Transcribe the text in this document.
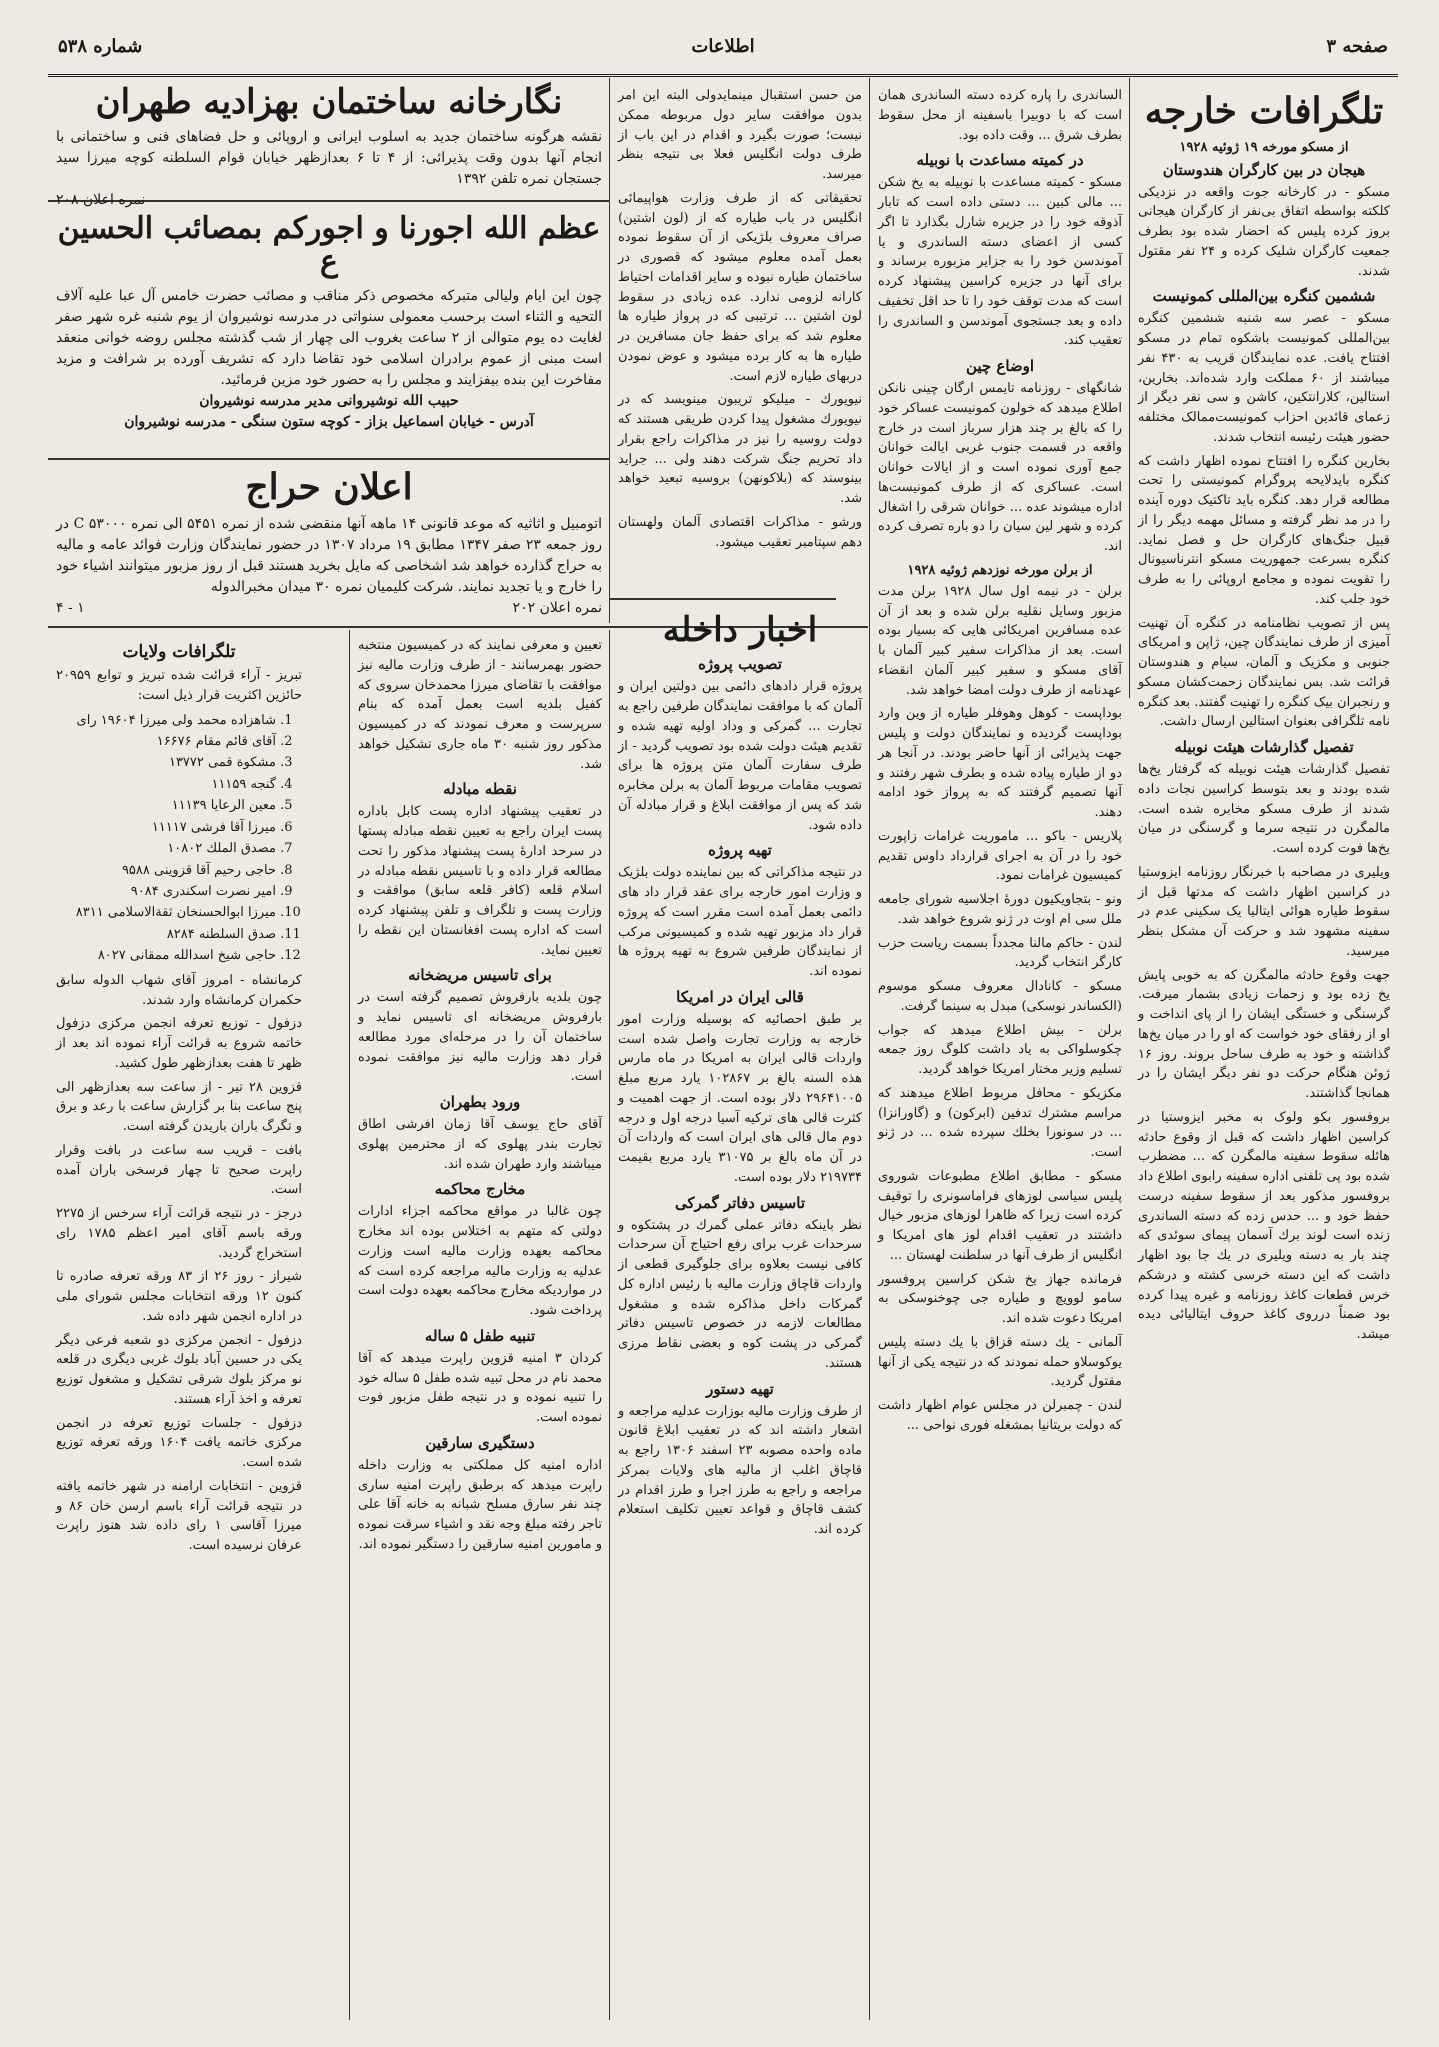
صفحه ۳
اطلاعات
شماره ۵۳۸
تلگرافات خارجه
از مسکو مورخه ۱۹ ژوئیه ۱۹۲۸
هیجان در بین کارگران هندوستان

مسکو - در کارخانه جوت واقعه در نزدیکی کلکته بواسطه اتفاق بی‌نفر از کارگران هیجانی بروز کرده پلیس که احضار شده بود بطرف جمعیت کارگران شلیک کرده و ۲۴ نفر مقتول شدند.

ششمین کنگره بین‌المللی کمونیست

مسکو - عصر سه شنبه ششمین کنگره بین‌المللی کمونیست باشکوه تمام در مسکو افتتاح یافت. عده نمایندگان قریب به ۴۳۰ نفر میباشند از ۶۰ مملکت وارد شده‌اند. بخارین، استالین، کلارانتکین، کاشن و سی نفر دیگر از زعمای قائدین احزاب کمونیست‌ممالک مختلفه حضور هیئت رئیسه انتخاب شدند.

بخارین کنگره را افتتاح نموده اظهار داشت که کنگره بایدلایحه پروگرام کمونیستی را تحت مطالعه قرار دهد. کنگره باید تاکتیک دوره آینده را در مد نظر گرفته و مسائل مهمه دیگر را از قبیل جنگ‌های کارگران حل و فصل نماید. کنگره بسرعت جمهوریت مسکو انترناسیونال را تقویت نموده و مجامع اروپائی را به طرف خود جلب کند.

پس از تصویب نظامنامه در کنگره آن تهنیت آمیزی از طرف نمایندگان چین، ژاپن و امریکای جنوبی و مکزیک و آلمان، سیام و هندوستان قرائت شد. بس نمایندگان زحمت‌کشان مسکو و رنجبران بیک کنگره را تهنیت گفتند. بعد کنگره نامه تلگرافی بعنوان استالین ارسال داشت.

تفصیل گذارشات هیئت نوبیله

تفصیل گذارشات هیئت نوبیله که گرفتار یخ‌ها شده بودند و بعد بتوسط کراسین نجات داده شدند از طرف مسکو مخابره شده است. مالمگرن در نتیجه سرما و گرسنگی در میان یخ‌ها فوت کرده است.

ویلیری در مصاحبه با خبرنگار روزنامه ایزوستیا در کراسین اظهار داشت که مدتها قبل از سقوط طیاره هوائی ایتالیا یک سکینی عدم در سفینه مشهود شد و حرکت آن مشکل بنظر میرسید.

جهت وقوع حادثه مالمگرن که به خوبی پایش یخ زده بود و زحمات زیادی بشمار میرفت. گرسنگی و خستگی ایشان را از پای انداخت و او از رفقای خود خواست که او را در میان یخ‌ها گذاشته و خود به طرف ساحل بروند. روز ۱۶ ژوئن هنگام حرکت دو نفر دیگر ایشان را در همانجا گذاشتند.

بروفسور بکو ولوک به مخبر ایزوستیا در کراسین اظهار داشت که قبل از وقوع حادثه هائله سقوط سفینه مالمگرن که ... مضطرب شده بود پی تلفنی اداره سفینه رابوی اطلاع داد بروفسور مذکور بعد از سقوط سفینه درست حفظ خود و ... حدس زده که دسته الساندری زنده است لوند برك آسمان پیمای سوئدی که چند بار به دسته ویلیری در یك جا بود اظهار داشت که این دسته خرسی کشته و درشکم خرس قطعات کاغذ روزنامه و غیره پیدا کرده بود ضمناً درروی کاغذ حروف ایتالیائی دیده میشد.

الساندری را پاره کرده دسته الساندری همان است که با دوبیرا باسفینه از محل سقوط بطرف شرق ... وقت داده بود.

در کمیته مساعدت با نوبیله

مسکو - کمیته مساعدت با نوبیله به یخ شکن ... مالی کبین ... دستی داده است که تابار آذوقه خود را در جزیره شارل بگذارد تا اگر کسی از اعضای دسته الساندری و یا آموندسن خود را به جزایر مزبوره برساند و برای آنها در جزیره کراسین پیشنهاد کرده است که مدت توقف خود را تا حد اقل تخفیف داده و بعد جستجوی آموندسن و الساندری را تعقیب کند.

اوضاع چین

شانگهای - روزنامه تایمس ارگان چینی نانکن اطلاع میدهد که خولون کمونیست عساکر خود را که بالغ بر چند هزار سرباز است در خارج واقعه در قسمت جنوب غربی ایالت خوانان جمع آوری نموده است و از ایالات خوانان است. عساکری که از طرف کمونیست‌ها اداره میشوند عده ... خوانان شرقی را اشغال کرده و شهر لین سیان را دو باره تصرف کرده اند.

از برلن مورخه نوزدهم ژوئیه ۱۹۲۸

برلن - در نیمه اول سال ۱۹۲۸ برلن مدت مزبور وسایل نقلیه برلن شده و بعد از آن عده مسافرین امریکائی هایی که بسیار بوده است. بعد از مذاکرات سفیر کبیر آلمان با آقای مسکو و سفیر کبیر آلمان انقضاء عهدنامه از طرف دولت امضا خواهد شد.

بوداپست - کوهل وهوفلر طیاره از وین وارد بوداپست گردیده و نمایندگان دولت و پلیس جهت پذیرائی از آنها حاضر بودند. در آنجا هر دو از طیاره پیاده شده و بطرف شهر رفتند و آنها تصمیم گرفتند که به پرواز خود ادامه دهند.

پلاریس - باکو ... ماموریت غرامات زاپورت خود را در آن به اجرای قرارداد داوس تقدیم کمیسیون غرامات نمود.

ونو - بتجاویکیون دورهٔ اجلاسیه شورای جامعه ملل سی ام اوت در ژنو شروع خواهد شد.

لندن - حاکم مالنا مجدداً بسمت ریاست حزب کارگر انتخاب گردید.

مسکو - کانادال معروف مسکو موسوم (الکساندر نوسکی) مبدل به سینما گرفت.

برلن - بیش اطلاع میدهد که جواب چکوسلواکی به یاد داشت کلوگ روز جمعه تسلیم وزیر مختار امریکا خواهد گردید.

مکزیکو - محافل مربوط اطلاع میدهند که مراسم مشترك تدفین (ابرکون) و (گاورانزا) ... در سونورا بخلك سپرده شده ... در ژنو است.

مسکو - مطابق اطلاع مطبوعات شوروی پلیس سیاسی لوزهای فراماسونری را توقیف کرده است زیرا که ظاهرا لوزهای مزبور خیال داشتند در تعقیب اقدام لوز های امریکا و انگلیس از طرف آنها در سلطنت لهستان ...

فرمانده جهاز یخ شکن کراسین پروفسور سامو لوویچ و طیاره جی چوخنوسکی به امریکا دعوت شده اند.

آلمانی - یك دسته قزاق با یك دسته پلیس یوکوسلاو حمله نمودند که در نتیجه یکی از آنها مقتول گردید.

لندن - چمبرلن در مجلس عوام اظهار داشت که دولت بریتانیا بمشغله فوری نواحی ...

من حسن استقبال مینمایدولی البته این امر بدون موافقت سایر دول مربوطه ممکن نیست؛ صورت بگیرد و اقدام در این باب از طرف دولت انگلیس فعلا بی نتیجه بنظر میرسد.

تحقیقاتی که از طرف وزارت هواپیمائی انگلیس در باب طیاره که از (لون اشتین) صراف معروف بلژیکی از آن سقوط نموده بعمل آمده معلوم میشود که قصوری در ساختمان طیاره نبوده و سایر اقدامات احتیاط کارانه لزومی ندارد. عده زیادی در سقوط لون اشتین ... ترتیبی که در پرواز طیاره ها معلوم شد که برای حفظ جان مسافرین در طیاره ها به کار برده میشود و عوض نمودن دربهای طیاره لازم است.

نیویورك - میلیکو تریبون مینویسد که در نیویورك مشغول پیدا کردن طریقی هستند که دولت روسیه را نیز در مذاکرات راجع بقرار داد تحریم جنگ شرکت دهند ولی ... جراید بینوسند که (بلاکونهن) بروسیه تبعید خواهد شد.

ورشو - مذاکرات اقتصادی آلمان ولهستان دهم سپتامبر تعقیب میشود.

اخبار داخله
تصویب پروژه

پروژه قرار دادهای دائمی بین دولتین ایران و آلمان که با موافقت نمایندگان طرفین راجع به تجارت ... گمرکی و وداد اولیه تهیه شده و تقدیم هیئت دولت شده بود تصویب گردید - از طرف سفارت آلمان متن پروژه ها برای تصویب مقامات مربوط آلمان به برلن مخابره شد که پس از موافقت ابلاغ و قرار مبادله آن داده شود.

تهیه پروژه

در نتیجه مذاکراتی که بین نماینده دولت بلژیک و وزارت امور خارجه برای عقد قرار داد های دائمی بعمل آمده است مقرر است که پروژه قرار داد مزبور تهیه شده و کمیسیونی مرکب از نمایندگان طرفین شروع به تهیه پروژه ها نموده اند.

قالی ایران در امریکا

بر طبق احصائیه که بوسیله وزارت امور خارجه به وزارت تجارت واصل شده است واردات قالی ایران به امریکا در ماه مارس هذه السنه بالغ بر ۱۰۲۸۶۷ یارد مربع مبلغ ۲۹۶۴۱۰۰۵ دلار بوده است. از جهت اهمیت و کثرت قالی های ترکیه آسیا درجه اول و درجه دوم مال قالی های ایران است که واردات آن در آن ماه بالغ بر ۳۱۰۷۵ یارد مربع بقیمت ۲۱۹۷۳۴ دلار بوده است.

تاسیس دفاتر گمرکی

نظر باینکه دفاتر عملی گمرك در پشتکوه و سرحدات غرب برای رفع احتیاج آن سرحدات کافی نیست بعلاوه برای جلوگیری قطعی از واردات قاچاق وزارت مالیه با رئیس اداره کل گمرکات داخل مذاکره شده و مشغول مطالعات لازمه در خصوص تاسیس دفاتر گمرکی در پشت کوه و بعضی نقاط مرزی هستند.

تهیه دستور

از طرف وزارت مالیه بوزارت عدلیه مراجعه و اشعار داشته اند که در تعقیب ابلاغ قانون ماده واحده مصوبه ۲۳ اسفند ۱۳۰۶ راجع به قاچاق اغلب از مالیه های ولایات بمرکز مراجعه و راجع به طرز اجرا و طرز اقدام در کشف قاچاق و قواعد تعیین تکلیف استعلام کرده اند.

نگارخانه ساختمان بهزادیه طهران
نقشه هرگونه ساختمان جدید به اسلوب ایرانی و اروپائی و حل فضاهای فنی و ساختمانی با انجام آنها بدون وقت پذیرائی: از ۴ تا ۶ بعدازظهر خیابان قوام السلطنه کوچه میرزا سید جستجان نمره تلفن ۱۳۹۲
نمره اعلان ۲۰۸
عظم الله اجورنا و اجورکم بمصائب الحسین ع
چون این ایام ولیالی متبرکه مخصوص ذکر مناقب و مصائب حضرت خامس آل عبا علیه آلاف التحیه و الثناء است برحسب معمولی سنواتی در مدرسه نوشیروان از یوم شنبه غره شهر صفر لغایت ده یوم متوالی از ۲ ساعت بغروب الی چهار از شب گذشته مجلس روضه خوانی منعقد است مبنی از عموم برادران اسلامی خود تقاضا دارد که تشریف آورده بر شرافت و مزید مفاخرت این بنده بیفزایند و مجلس را به حضور خود مزین فرمائید.
حبیب الله نوشیروانی مدیر مدرسه نوشیروان
آدرس - خیابان اسماعیل بزاز - کوچه ستون سنگی - مدرسه نوشیروان
اعلان حراج
اتومبیل و اثاثیه که موعد قانونی ۱۴ ماهه آنها منقضی شده از نمره ۵۴۵۱ الی نمره ۵۳۰۰۰ C در روز جمعه ۲۳ صفر ۱۳۴۷ مطابق ۱۹ مرداد ۱۳۰۷ در حضور نمایندگان وزارت فوائد عامه و مالیه به حراج گذارده خواهد شد اشخاصی که مایل بخرید هستند قبل از روز مزبور میتوانند اشیاء خود را خارج و یا تجدید نمایند. شرکت کلیمیان نمره ۳۰ میدان مخبرالدوله
نمره اعلان ۲۰۲
۱ - ۴

تعیین و معرفی نمایند که در کمیسیون منتخبه حضور بهمرسانند - از طرف وزارت مالیه نیز موافقت با تقاضای میرزا محمدخان سروی که کفیل بلدیه است بعمل آمده که بنام سرپرست و معرف نمودند که در کمیسیون مذکور روز شنبه ۳۰ ماه جاری تشکیل خواهد شد.

نقطه مبادله

در تعقیب پیشنهاد اداره پست کابل باداره پست ایران راجع به تعیین نقطه مبادله پستها در سرحد ادارهٔ پست پیشنهاد مذکور را تحت مطالعه قرار داده و با تاسیس نقطه مبادله در اسلام قلعه (کافر قلعه سابق) موافقت و وزارت پست و تلگراف و تلفن پیشنهاد کرده است که اداره پست افغانستان این نقطه را تعیین نماید.

برای تاسیس مریضخانه

چون بلدیه بارفروش تصمیم گرفته است در بارفروش مریضخانه ای تاسیس نماید و ساختمان آن را در مرحله‌ای مورد مطالعه قرار دهد وزارت مالیه نیز موافقت نموده است.

ورود بطهران

آقای حاج یوسف آقا زمان افرشی اطاق تجارت بندر پهلوی که از محترمین پهلوی میباشند وارد طهران شده اند.

مخارج محاکمه

چون غالبا در مواقع محاکمه اجزاء ادارات دولتی که متهم به اختلاس بوده اند مخارج محاکمه بعهده وزارت مالیه است وزارت عدلیه به وزارت مالیه مراجعه کرده است که در مواردیکه مخارج محاکمه بعهده دولت است پرداخت شود.

تنبیه طفل ۵ ساله

کردان ۳ امنیه قزوین راپرت میدهد که آقا محمد نام در محل تبیه شده طفل ۵ ساله خود را تنبیه نموده و در نتیجه طفل مزبور فوت نموده است.

دستگیری سارقین

اداره امنیه کل مملکتی به وزارت داخله راپرت میدهد که برطبق راپرت امنیه ساری چند نفر سارق مسلح شبانه به خانه آقا علی تاجر رفته مبلغ وجه نقد و اشیاء سرقت نموده و مامورین امنیه سارقین را دستگیر نموده اند.

تلگرافات ولایات

تبریز - آراء قرائت شده تبریز و توابع ۲۰۹۵۹ حائزین اکثریت قرار ذیل است:

1. شاهزاده محمد ولی میرزا ۱۹۶۰۴ رای
2. آقای قائم مقام ۱۶۶۷۶
3. مشکوة قمی ۱۳۷۷۲
4. گنجه ۱۱۱۵۹
5. معین الرعایا ۱۱۱۳۹
6. میرزا آقا فرشی ۱۱۱۱۷
7. مصدق الملك ۱۰۸۰۲
8. حاجی رحیم آقا قزوینی ۹۵۸۸
9. امیر نصرت اسکندری ۹۰۸۴
10. میرزا ابوالحسنخان ثقةالاسلامی ۸۳۱۱
11. صدق السلطنه ۸۲۸۴
12. حاجی شیخ اسدالله ممقانی ۸۰۲۷

کرمانشاه - امروز آقای شهاب الدوله سابق حکمران کرمانشاه وارد شدند.

دزفول - توزیع تعرفه انجمن مرکزی دزفول خاتمه شروع به قرائت آراء نموده اند بعد از ظهر تا هفت بعدازظهر طول کشید.

قزوین ۲۸ تیر - از ساعت سه بعدازظهر الی پنج ساعت بنا بر گزارش ساعت با رعد و برق و تگرگ باران باریدن گرفته است.

بافت - قریب سه ساعت در بافت وقرار راپرت صحیح تا چهار فرسخی باران آمده است.

درجز - در نتیجه قرائت آراء سرخس از ۲۲۷۵ ورقه باسم آقای امیر اعظم ۱۷۸۵ رای استخراج گردید.

شیراز - روز ۲۶ از ۸۳ ورقه تعرفه صادره تا کنون ۱۲ ورقه انتخابات مجلس شورای ملی در اداره انجمن شهر داده شد.

دزفول - انجمن مرکزی دو شعبه فرعی دیگر یکی در حسین آباد بلوك غربی دیگری در قلعه نو مرکز بلوك شرقی تشکیل و مشغول توزیع تعرفه و اخذ آراء هستند.

دزفول - جلسات توزیع تعرفه در انجمن مرکزی خاتمه یافت ۱۶۰۴ ورقه تعرفه توزیع شده است.

قزوین - انتخابات ارامنه در شهر خاتمه یافته در نتیجه قرائت آراء باسم ارسن خان ۸۶ و میرزا آقاسی ۱ رای داده شد هنوز راپرت عرفان نرسیده است.
